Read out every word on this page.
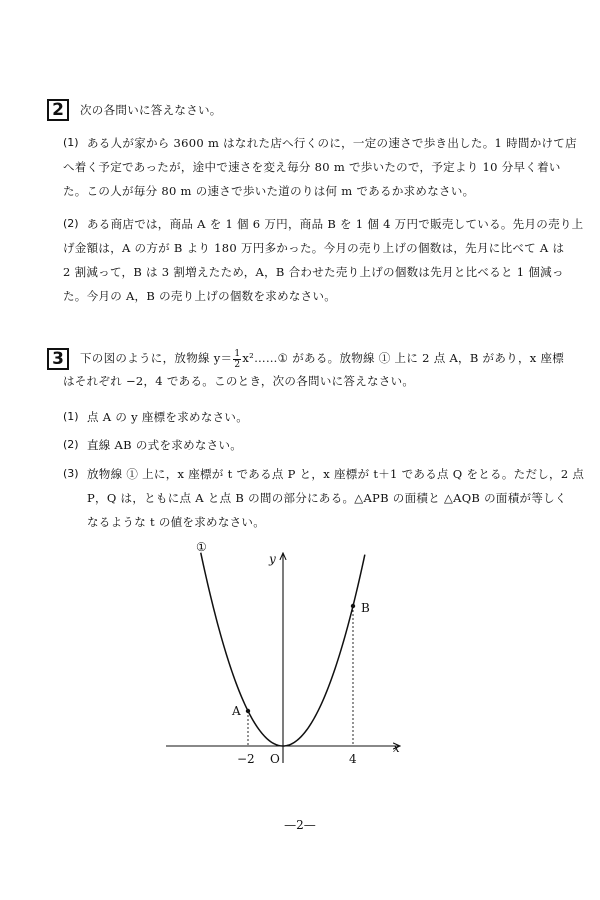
2 次の各問いに答えなさい。
(1) ある人が家から 3600 m はなれた店へ行くのに，一定の速さで歩き出した。1 時間かけて店
へ着く予定であったが，途中で速さを変え毎分 80 m で歩いたので，予定より 10 分早く着い
た。この人が毎分 80 m の速さで歩いた道のりは何 m であるか求めなさい。
(2) ある商店では，商品 A を 1 個 6 万円，商品 B を 1 個 4 万円で販売している。先月の売り上
げ金額は，A の方が B より 180 万円多かった。今月の売り上げの個数は，先月に比べて A は
2 割減って，B は 3 割増えたため，A，B 合わせた売り上げの個数は先月と比べると 1 個減っ
た。今月の A，B の売り上げの個数を求めなさい。
3 下の図のように，放物線 $y= \frac{1}{2}$ x²……① がある。放物線 ① 上に 2 点 A，B があり，x 座標
はそれぞれ −2，4 である。このとき，次の各問いに答えなさい。
(1) 点 A の y 座標を求めなさい。
(2) 直線 AB の式を求めなさい。
(3) 放物線 ① 上に，x 座標が t である点 P と，x 座標が t＋1 である点 Q をとる。ただし，2 点
P，Q は，ともに点 A と点 B の間の部分にある。△APB の面積と △AQB の面積が等しく
なるような t の値を求めなさい。
①
y
x
O
A
B
−2	4
—2—
